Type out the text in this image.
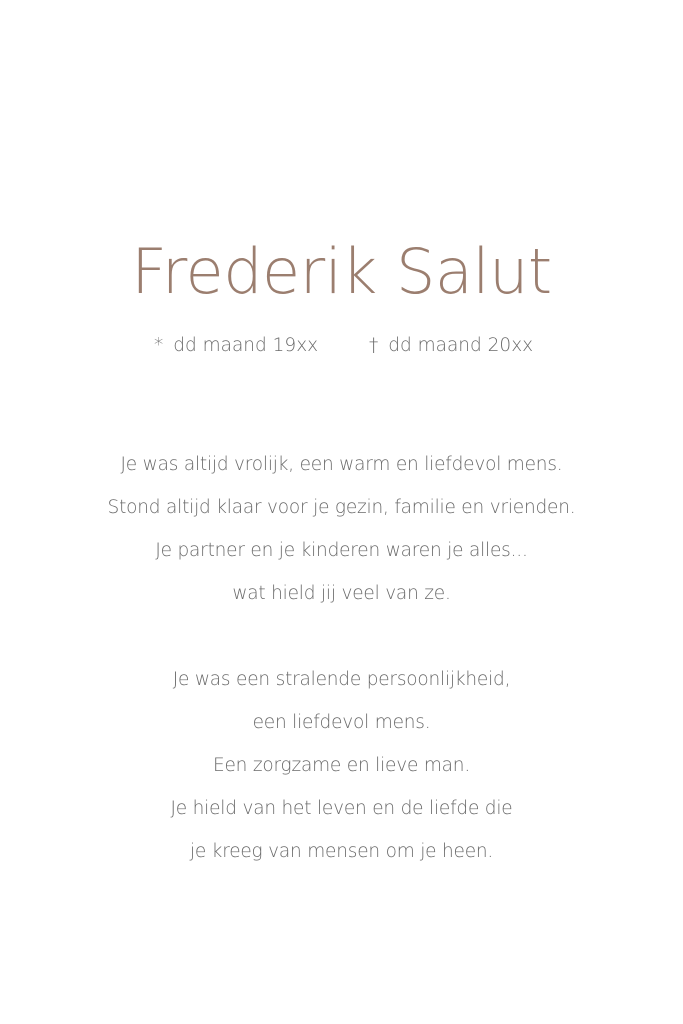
Frederik Salut
* dd maand 19xx	† dd maand 20xx
Je was altijd vrolijk, een warm en liefdevol mens.
Stond altijd klaar voor je gezin, familie en vrienden.
Je partner en je kinderen waren je alles...
wat hield jij veel van ze.
Je was een stralende persoonlijkheid,
een liefdevol mens.
Een zorgzame en lieve man.
Je hield van het leven en de liefde die
je kreeg van mensen om je heen.
